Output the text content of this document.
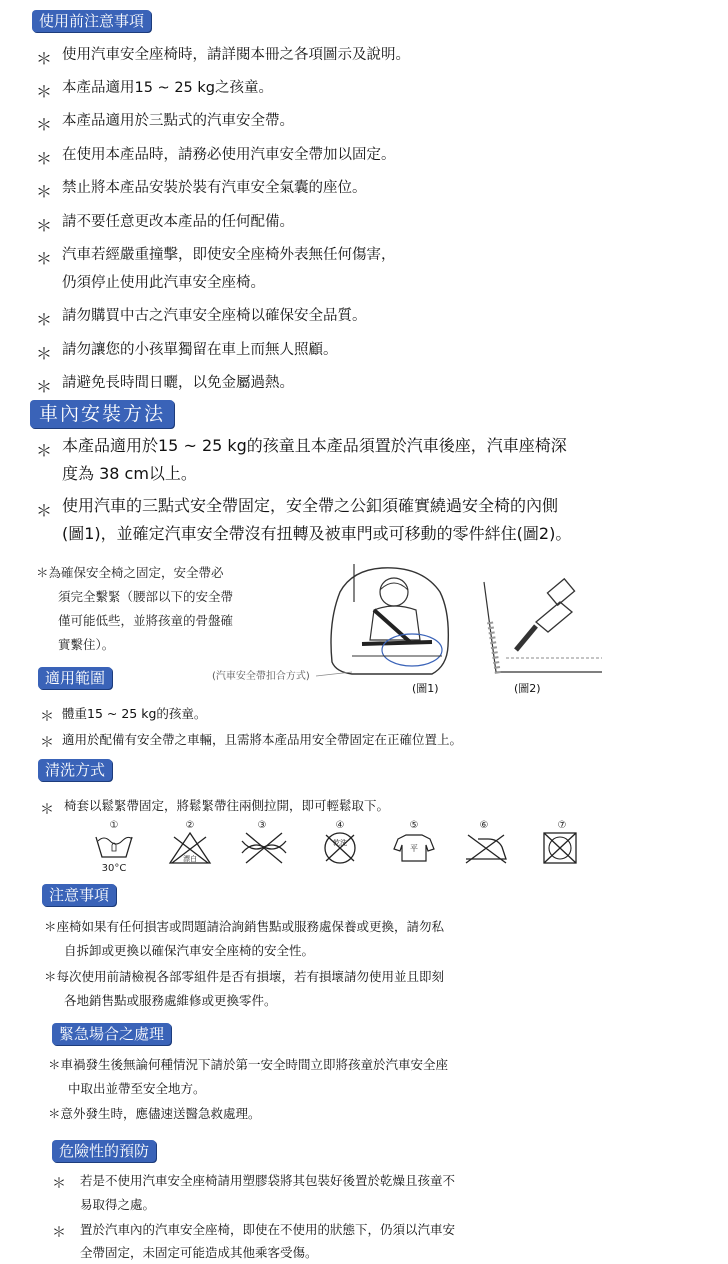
使用前注意事項
＊ 使用汽車安全座椅時，請詳閱本冊之各項圖示及說明。
＊ 本產品適用15 ~ 25 kg之孩童。
＊ 本產品適用於三點式的汽車安全帶。
＊ 在使用本產品時，請務必使用汽車安全帶加以固定。
＊ 禁止將本產品安裝於裝有汽車安全氣囊的座位。
＊ 請不要任意更改本產品的任何配備。
＊ 汽車若經嚴重撞擊，即使安全座椅外表無任何傷害，
仍須停止使用此汽車安全座椅。
＊ 請勿購買中古之汽車安全座椅以確保安全品質。
＊ 請勿讓您的小孩單獨留在車上而無人照顧。
＊ 請避免長時間日曬，以免金屬過熱。
車內安裝方法
＊ 本產品適用於15 ~ 25 kg的孩童且本產品須置於汽車後座，汽車座椅深
度為 38 cm以上。
＊ 使用汽車的三點式安全帶固定，安全帶之公釦須確實繞過安全椅的內側
(圖1)，並確定汽車安全帶沒有扭轉及被車門或可移動的零件絆住(圖2)。
＊為確保安全椅之固定，安全帶必
須完全繫緊（腰部以下的安全帶
僅可能低些，並將孩童的骨盤確
實繫住）。
(汽車安全帶扣合方式)
(圖1)	(圖2)
適用範圍
＊ 體重15 ~ 25 kg的孩童。
＊ 適用於配備有安全帶之車輛，且需將本產品用安全帶固定在正確位置上。
清洗方式
＊ 椅套以鬆緊帶固定，將鬆緊帶往兩側拉開，即可輕鬆取下。
①
30°C
②
漂白
③	④
乾洗
⑤
平
⑥	⑦
注意事項
＊座椅如果有任何損害或問題請洽詢銷售點或服務處保養或更換，請勿私
自拆卸或更換以確保汽車安全座椅的安全性。
＊每次使用前請檢視各部零組件是否有損壞，若有損壞請勿使用並且即刻
各地銷售點或服務處維修或更換零件。
緊急場合之處理
＊車禍發生後無論何種情況下請於第一安全時間立即將孩童於汽車安全座
中取出並帶至安全地方。
＊意外發生時，應儘速送醫急救處理。
危險性的預防
＊ 若是不使用汽車安全座椅請用塑膠袋將其包裝好後置於乾燥且孩童不
易取得之處。
＊ 置於汽車內的汽車安全座椅，即使在不使用的狀態下，仍須以汽車安
全帶固定，未固定可能造成其他乘客受傷。
